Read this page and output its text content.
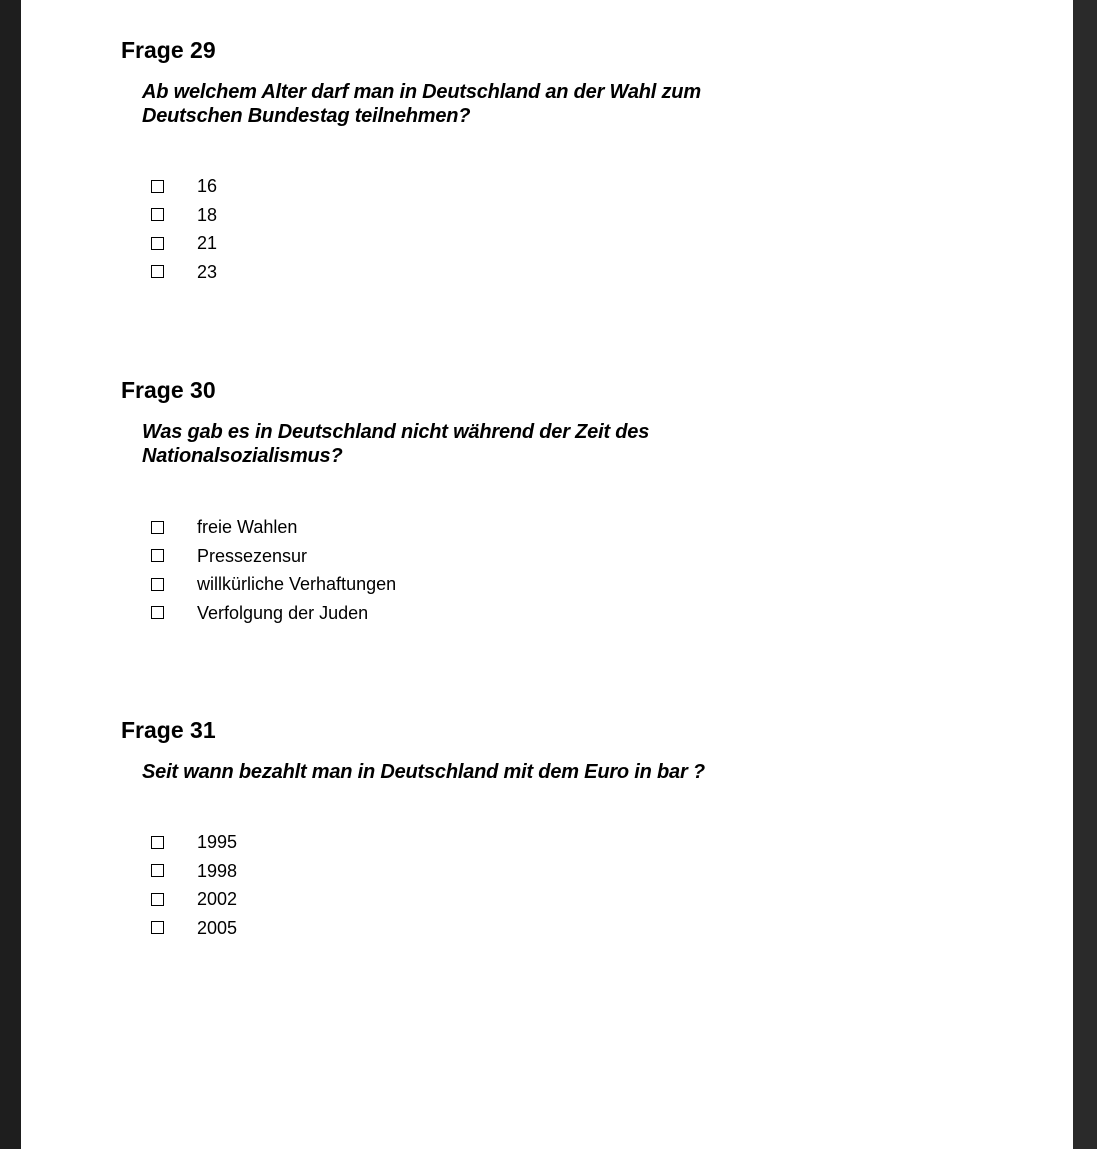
Frage 29

Ab welchem Alter darf man in Deutschland an der Wahl zum
Deutschen Bundestag teilnehmen?

16
18
21
23
Frage 30

Was gab es in Deutschland nicht während der Zeit des
Nationalsozialismus?

freie Wahlen
Pressezensur
willkürliche Verhaftungen
Verfolgung der Juden
Frage 31

Seit wann bezahlt man in Deutschland mit dem Euro in bar ?

1995
1998
2002
2005
